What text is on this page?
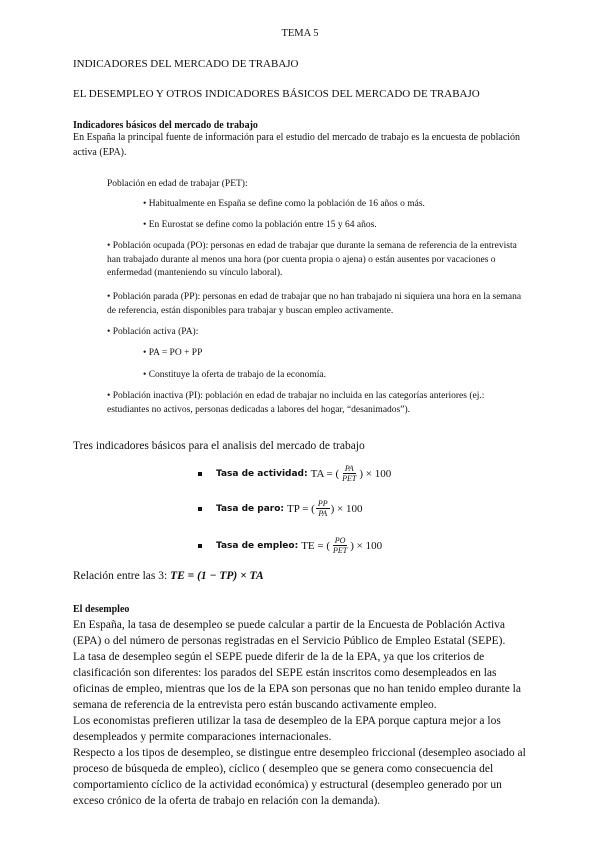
TEMA 5
INDICADORES DEL MERCADO DE TRABAJO
EL DESEMPLEO Y OTROS INDICADORES BÁSICOS DEL MERCADO DE TRABAJO
Indicadores básicos del mercado de trabajo
En España la principal fuente de información para el estudio del mercado de trabajo es la encuesta de población activa (EPA).
Población en edad de trabajar (PET):
• Habitualmente en España se define como la población de 16 años o más.
• En Eurostat se define como la población entre 15 y 64 años.
• Población ocupada (PO): personas en edad de trabajar que durante la semana de referencia de la entrevista han trabajado durante al menos una hora (por cuenta propia o ajena) o están ausentes por vacaciones o enfermedad (manteniendo su vínculo laboral).
• Población parada (PP): personas en edad de trabajar que no han trabajado ni siquiera una hora en la semana de referencia, están disponibles para trabajar y buscan empleo activamente.
• Población activa (PA):
• PA = PO + PP
• Constituye la oferta de trabajo de la economía.
• Población inactiva (PI): población en edad de trabajar no incluida en las categorías anteriores (ej.: estudiantes no activos, personas dedicadas a labores del hogar, “desanimados”).
Tres indicadores básicos para el analisis del mercado de trabajo
Tasa de actividad: TA = ( $\frac{PA}{\text{PET}}$ ) × 100
Tasa de paro: TP = ( $\frac{PP}{PA}$ ) × 100
Tasa de empleo: TE = ( $\frac{PO}{\text{PET}}$ ) × 100
Relación entre las 3: TE = (1 − TP) × TA
El desempleo
En España, la tasa de desempleo se puede calcular a partir de la Encuesta de Población Activa (EPA) o del número de personas registradas en el Servicio Público de Empleo Estatal (SEPE).
La tasa de desempleo según el SEPE puede diferir de la de la EPA, ya que los criterios de clasificación son diferentes: los parados del SEPE están inscritos como desempleados en las oficinas de empleo, mientras que los de la EPA son personas que no han tenido empleo durante la semana de referencia de la entrevista pero están buscando activamente empleo.
Los economistas prefieren utilizar la tasa de desempleo de la EPA porque captura mejor a los desempleados y permite comparaciones internacionales.
Respecto a los tipos de desempleo, se distingue entre desempleo friccional (desempleo asociado al proceso de búsqueda de empleo), cíclico ( desempleo que se genera como consecuencia del comportamiento cíclico de la actividad económica) y estructural (desempleo generado por un exceso crónico de la oferta de trabajo en relación con la demanda).
